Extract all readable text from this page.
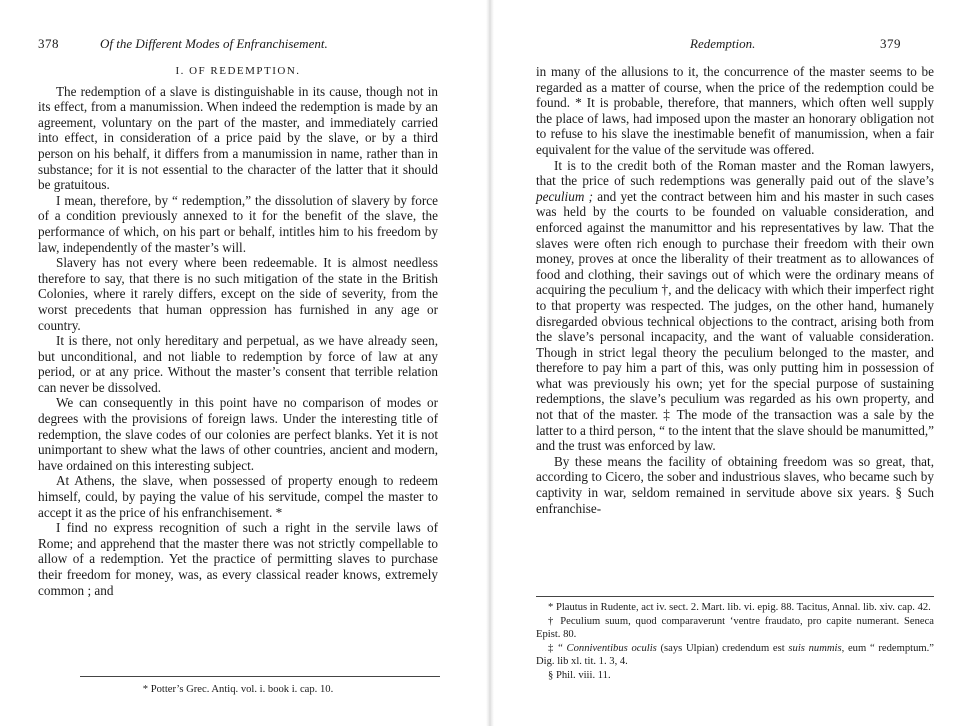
378	Of the Different Modes of Enfranchisement.
I. OF REDEMPTION.

The redemption of a slave is distinguishable in its cause, though not in its effect, from a manumission. When indeed the redemption is made by an agreement, voluntary on the part of the master, and immediately carried into effect, in consideration of a price paid by the slave, or by a third person on his behalf, it differs from a manumission in name, rather than in substance; for it is not essential to the character of the latter that it should be gratuitous.

I mean, therefore, by “ redemption,” the dissolution of slavery by force of a condition previously annexed to it for the benefit of the slave, the performance of which, on his part or behalf, intitles him to his freedom by law, independently of the master’s will.

Slavery has not every where been redeemable. It is almost needless therefore to say, that there is no such mitigation of the state in the British Colonies, where it rarely differs, except on the side of severity, from the worst precedents that human oppression has furnished in any age or country.

It is there, not only hereditary and perpetual, as we have already seen, but unconditional, and not liable to redemption by force of law at any period, or at any price. Without the master’s consent that terrible relation can never be dissolved.

We can consequently in this point have no comparison of modes or degrees with the provisions of foreign laws. Under the interesting title of redemption, the slave codes of our colonies are perfect blanks. Yet it is not unimportant to shew what the laws of other countries, ancient and modern, have ordained on this interesting subject.

At Athens, the slave, when possessed of property enough to redeem himself, could, by paying the value of his servitude, compel the master to accept it as the price of his enfranchisement. *

I find no express recognition of such a right in the servile laws of Rome; and apprehend that the master there was not strictly compellable to allow of a redemption. Yet the practice of permitting slaves to purchase their freedom for money, was, as every classical reader knows, extremely common ; and

* Potter’s Grec. Antiq. vol. i. book i. cap. 10.

Redemption.	379

in many of the allusions to it, the concurrence of the master seems to be regarded as a matter of course, when the price of the redemption could be found. * It is probable, therefore, that manners, which often well supply the place of laws, had imposed upon the master an honorary obligation not to refuse to his slave the inestimable benefit of manumission, when a fair equivalent for the value of the servitude was offered.

It is to the credit both of the Roman master and the Roman lawyers, that the price of such redemptions was generally paid out of the slave’s peculium ; and yet the contract between him and his master in such cases was held by the courts to be founded on valuable consideration, and enforced against the manumittor and his representatives by law. That the slaves were often rich enough to purchase their freedom with their own money, proves at once the liberality of their treatment as to allowances of food and clothing, their savings out of which were the ordinary means of acquiring the peculium †, and the delicacy with which their imperfect right to that property was respected. The judges, on the other hand, humanely disregarded obvious technical objections to the contract, arising both from the slave’s personal incapacity, and the want of valuable consideration. Though in strict legal theory the peculium belonged to the master, and therefore to pay him a part of this, was only putting him in possession of what was previously his own; yet for the special purpose of sustaining redemptions, the slave’s peculium was regarded as his own property, and not that of the master. ‡ The mode of the transaction was a sale by the latter to a third person, “ to the intent that the slave should be manumitted,” and the trust was enforced by law.

By these means the facility of obtaining freedom was so great, that, according to Cicero, the sober and industrious slaves, who became such by captivity in war, seldom remained in servitude above six years. § Such enfranchise-

* Plautus in Rudente, act iv. sect. 2. Mart. lib. vi. epig. 88. Tacitus, Annal. lib. xiv. cap. 42.

† Peculium suum, quod comparaverunt ‘ventre fraudato, pro capite numerant. Seneca Epist. 80.

‡ “ Conniventibus oculis (says Ulpian) credendum est suis nummis, eum “ redemptum.” Dig. lib xl. tit. 1. 3, 4.

§ Phil. viii. 11.
